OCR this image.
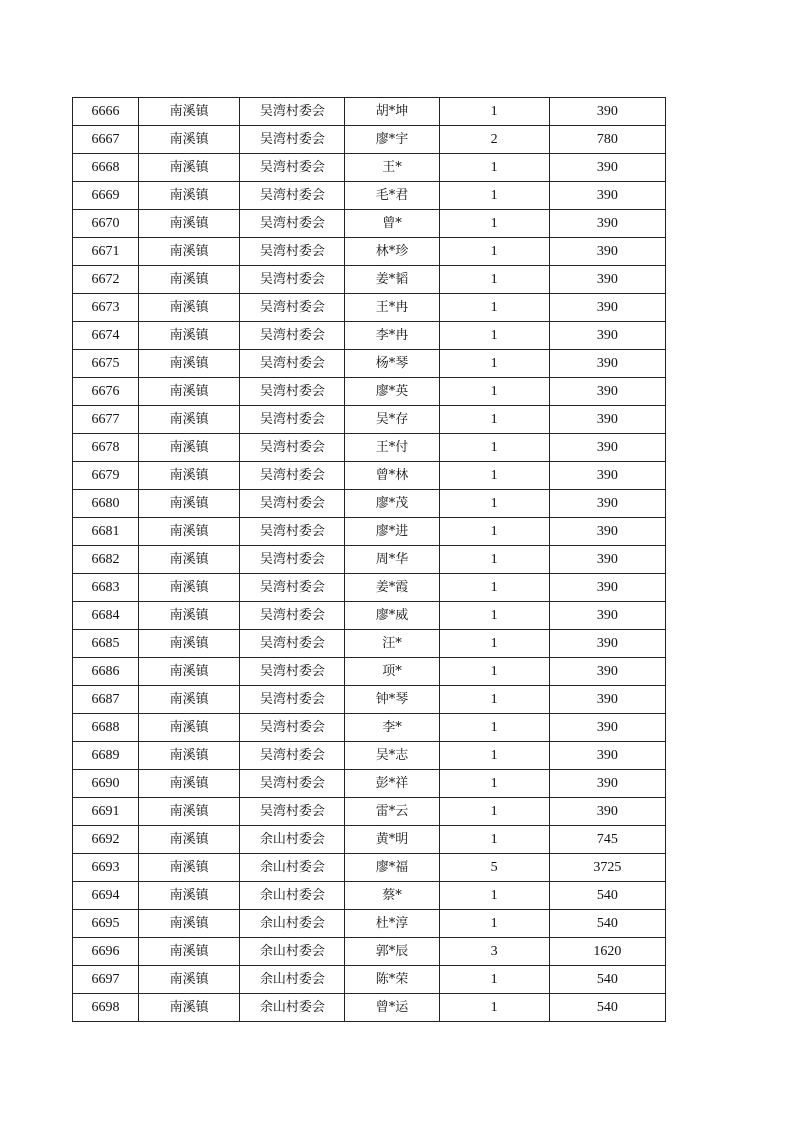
6666	南溪镇	吴湾村委会	胡*坤	1	390
6667	南溪镇	吴湾村委会	廖*宇	2	780
6668	南溪镇	吴湾村委会	王*	1	390
6669	南溪镇	吴湾村委会	毛*君	1	390
6670	南溪镇	吴湾村委会	曾*	1	390
6671	南溪镇	吴湾村委会	林*珍	1	390
6672	南溪镇	吴湾村委会	姜*韬	1	390
6673	南溪镇	吴湾村委会	王*冉	1	390
6674	南溪镇	吴湾村委会	李*冉	1	390
6675	南溪镇	吴湾村委会	杨*琴	1	390
6676	南溪镇	吴湾村委会	廖*英	1	390
6677	南溪镇	吴湾村委会	吴*存	1	390
6678	南溪镇	吴湾村委会	王*付	1	390
6679	南溪镇	吴湾村委会	曾*林	1	390
6680	南溪镇	吴湾村委会	廖*茂	1	390
6681	南溪镇	吴湾村委会	廖*进	1	390
6682	南溪镇	吴湾村委会	周*华	1	390
6683	南溪镇	吴湾村委会	姜*霞	1	390
6684	南溪镇	吴湾村委会	廖*威	1	390
6685	南溪镇	吴湾村委会	汪*	1	390
6686	南溪镇	吴湾村委会	项*	1	390
6687	南溪镇	吴湾村委会	钟*琴	1	390
6688	南溪镇	吴湾村委会	李*	1	390
6689	南溪镇	吴湾村委会	吴*志	1	390
6690	南溪镇	吴湾村委会	彭*祥	1	390
6691	南溪镇	吴湾村委会	雷*云	1	390
6692	南溪镇	余山村委会	黄*明	1	745
6693	南溪镇	余山村委会	廖*福	5	3725
6694	南溪镇	余山村委会	蔡*	1	540
6695	南溪镇	余山村委会	杜*淳	1	540
6696	南溪镇	余山村委会	郭*辰	3	1620
6697	南溪镇	余山村委会	陈*荣	1	540
6698	南溪镇	余山村委会	曾*运	1	540
